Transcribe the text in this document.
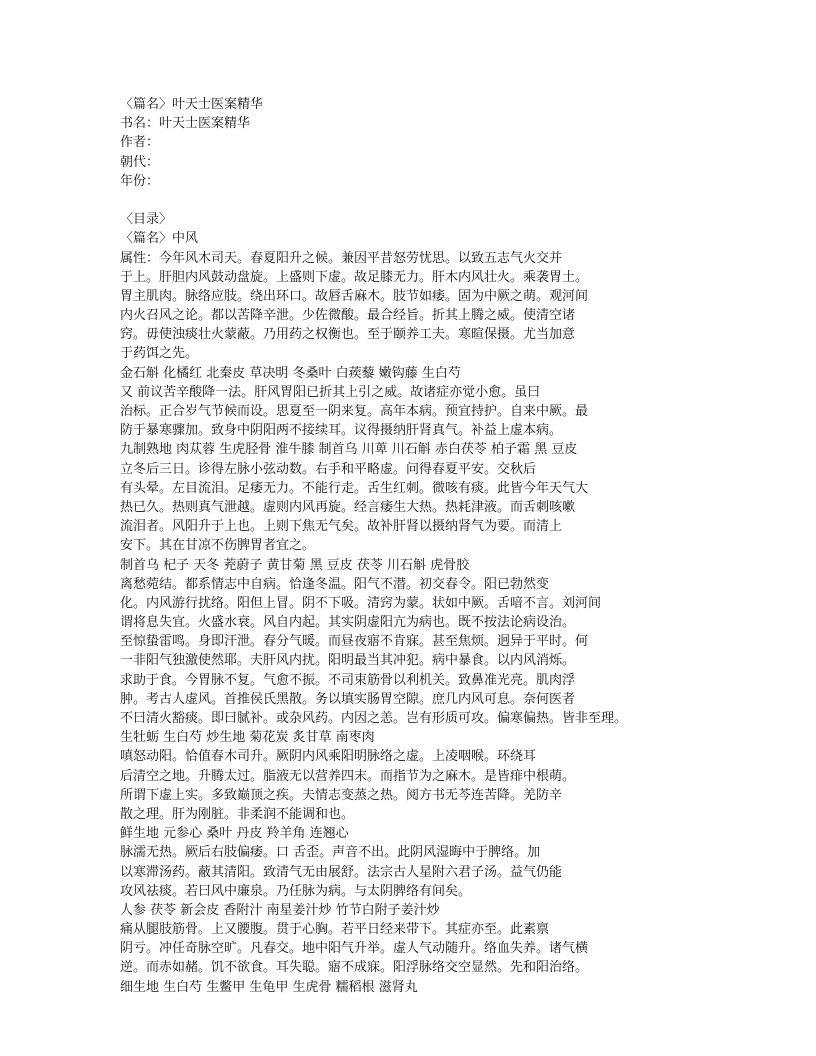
〈篇名〉叶天士医案精华
书名：叶天士医案精华
作者：
朝代：
年份：
〈目录〉
〈篇名〉中风
属性：今年风木司天。春夏阳升之候。兼因平昔怒劳忧思。以致五志气火交并
于上。肝胆内风鼓动盘旋。上盛则下虚。故足膝无力。肝木内风壮火。乘袭胃土。
胃主肌肉。脉络应肢。绕出环口。故唇舌麻木。肢节如痿。固为中厥之萌。观河间
内火召风之论。都以苦降辛泄。少佐微酸。最合经旨。折其上腾之威。使清空诸
窍。毋使浊痰壮火蒙蔽。乃用药之权衡也。至于颐养工夫。寒暄保摄。尤当加意
于药饵之先。
金石斛 化橘红 北秦皮 草决明 冬桑叶 白蒺藜 嫩钩藤 生白芍
又 前议苦辛酸降一法。肝风胃阳已折其上引之威。故诸症亦觉小愈。虽曰
治标。正合岁气节候而设。思夏至一阴来复。高年本病。预宜持护。自来中厥。最
防于暴寒骤加。致身中阴阳两不接续耳。议得摄纳肝肾真气。补益上虚本病。
九制熟地 肉苁蓉 生虎胫骨 淮牛膝 制首乌 川萆 川石斛 赤白茯苓 柏子霜 黑 豆皮
立冬后三日。诊得左脉小弦动数。右手和平略虚。问得春夏平安。交秋后
有头晕。左目流泪。足痿无力。不能行走。舌生红刺。微咳有痰。此皆今年天气大
热已久。热则真气泄越。虚则内风再旋。经言痿生大热。热耗津液。而舌刺咳嗽
流泪者。风阳升于上也。上则下焦无气矣。故补肝肾以摄纳肾气为要。而清上
安下。其在甘凉不伤脾胃者宜之。
制首乌 杞子 天冬 茺蔚子 黄甘菊 黑 豆皮 茯苓 川石斛 虎骨胶
离愁菀结。都系情志中自病。恰逢冬温。阳气不潜。初交春令。阳已勃然变
化。内风游行扰络。阳但上冒。阴不下吸。清窍为蒙。状如中厥。舌喑不言。刘河间
谓将息失宜。火盛水衰。风自内起。其实阴虚阳亢为病也。既不按法论病设治。
至惊蛰雷鸣。身即汗泄。春分气暖。而昼夜寤不肯寐。甚至焦烦。迥异于平时。何
一非阳气独激使然耶。夫肝风内扰。阳明最当其冲犯。病中暴食。以内风消烁。
求助于食。今胃脉不复。气愈不振。不司束筋骨以利机关。致鼻准光亮。肌肉浮
肿。考古人虚风。首推侯氏黑散。务以填实肠胃空隙。庶几内风可息。奈何医者
不曰清火豁痰。即曰腻补。或杂风药。内因之恙。岂有形质可攻。偏寒偏热。皆非至理。
生牡蛎 生白芍 炒生地 菊花炭 炙甘草 南枣肉
嗔怒动阳。恰值春木司升。厥阴内风乘阳明脉络之虚。上凌咽喉。环绕耳
后清空之地。升腾太过。脂液无以营养四末。而指节为之麻木。是皆痱中根萌。
所谓下虚上实。多致巅顶之疾。夫情志变蒸之热。阅方书无芩连苦降。羌防辛
散之理。肝为刚脏。非柔润不能调和也。
鲜生地 元参心 桑叶 丹皮 羚羊角 连翘心
脉濡无热。厥后右肢偏痿。口 舌歪。声音不出。此阴风湿晦中于脾络。加
以寒滞汤药。蔽其清阳。致清气无由展舒。法宗古人星附六君子汤。益气仍能
攻风祛痰。若曰风中廉泉。乃任脉为病。与太阴脾络有间矣。
人参 茯苓 新会皮 香附汁 南星姜汁炒 竹节白附子姜汁炒
痛从腿肢筋骨。上又腰腹。贯于心胸。若平日经来带下。其症亦至。此素禀
阴亏。冲任奇脉空旷。凡春交。地中阳气升举。虚人气动随升。络血失养。诸气横
逆。而赤如赭。饥不欲食。耳失聪。寤不成寐。阳浮脉络交空显然。先和阳治络。
细生地 生白芍 生鳖甲 生龟甲 生虎骨 糯稻根 滋肾丸
